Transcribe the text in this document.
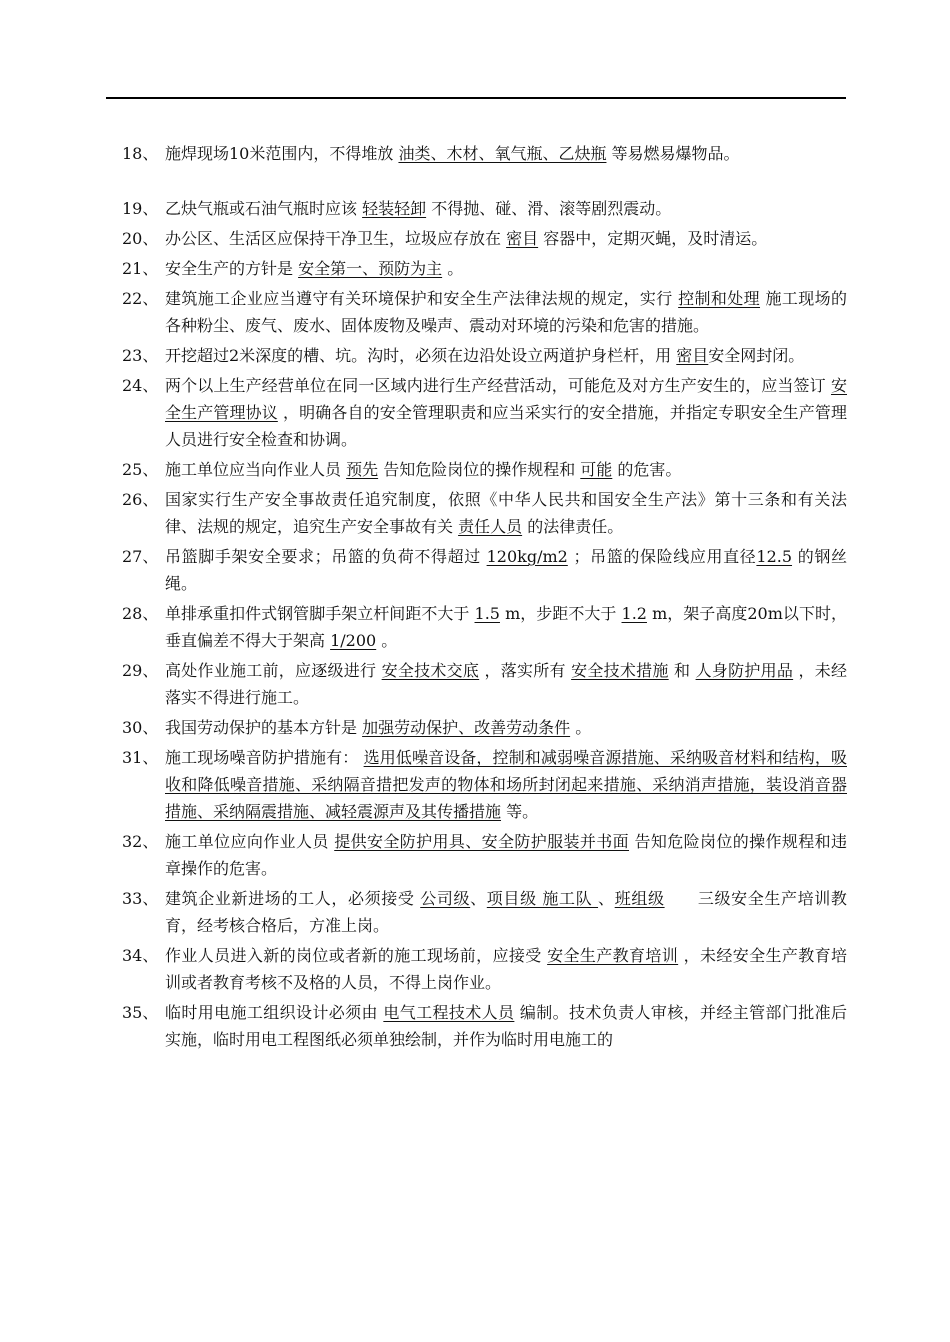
18、 施焊现场10米范围内，不得堆放 油类、木材、氧气瓶、乙炔瓶 等易燃易爆物品。
19、 乙炔气瓶或石油气瓶时应该 轻装轻卸 不得抛、碰、滑、滚等剧烈震动。
20、 办公区、生活区应保持干净卫生，垃圾应存放在 密目 容器中，定期灭蝇，及时清运。
21、 安全生产的方针是 安全第一、预防为主 。
22、 建筑施工企业应当遵守有关环境保护和安全生产法律法规的规定，实行 控制和处理 施工现场的各种粉尘、废气、废水、固体废物及噪声、震动对环境的污染和危害的措施。
23、 开挖超过2米深度的槽、坑。沟时，必须在边沿处设立两道护身栏杆，用 密目安全网封闭。
24、 两个以上生产经营单位在同一区域内进行生产经营活动，可能危及对方生产安生的，应当签订 安全生产管理协议 ，明确各自的安全管理职责和应当采实行的安全措施，并指定专职安全生产管理人员进行安全检查和协调。
25、 施工单位应当向作业人员 预先 告知危险岗位的操作规程和 可能 的危害。
26、 国家实行生产安全事故责任追究制度，依照《中华人民共和国安全生产法》第十三条和有关法律、法规的规定，追究生产安全事故有关 责任人员 的法律责任。
27、 吊篮脚手架安全要求；吊篮的负荷不得超过 120kg/m2 ；吊篮的保险线应用直径12.5 的钢丝绳。
28、 单排承重扣件式钢管脚手架立杆间距不大于 1.5 m，步距不大于 1.2 m，架子高度20m以下时，垂直偏差不得大于架高 1/200 。
29、 高处作业施工前，应逐级进行 安全技术交底 ，落实所有 安全技术措施 和 人身防护用品 ，未经落实不得进行施工。
30、 我国劳动保护的基本方针是 加强劳动保护、改善劳动条件 。
31、 施工现场噪音防护措施有： 选用低噪音设备，控制和减弱噪音源措施、采纳吸音材料和结构，吸收和降低噪音措施、采纳隔音措把发声的物体和场所封闭起来措施、采纳消声措施，装设消音器措施、采纳隔震措施、减轻震源声及其传播措施 等。
32、 施工单位应向作业人员 提供安全防护用具、安全防护服装并书面 告知危险岗位的操作规程和违章操作的危害。
33、 建筑企业新进场的工人，必须接受 公司级、项目级 施工队 、班组级　　三级安全生产培训教育，经考核合格后，方准上岗。
34、 作业人员进入新的岗位或者新的施工现场前，应接受 安全生产教育培训 ，未经安全生产教育培训或者教育考核不及格的人员，不得上岗作业。
35、 临时用电施工组织设计必须由 电气工程技术人员 编制。技术负责人审核，并经主管部门批准后实施，临时用电工程图纸必须单独绘制，并作为临时用电施工的
